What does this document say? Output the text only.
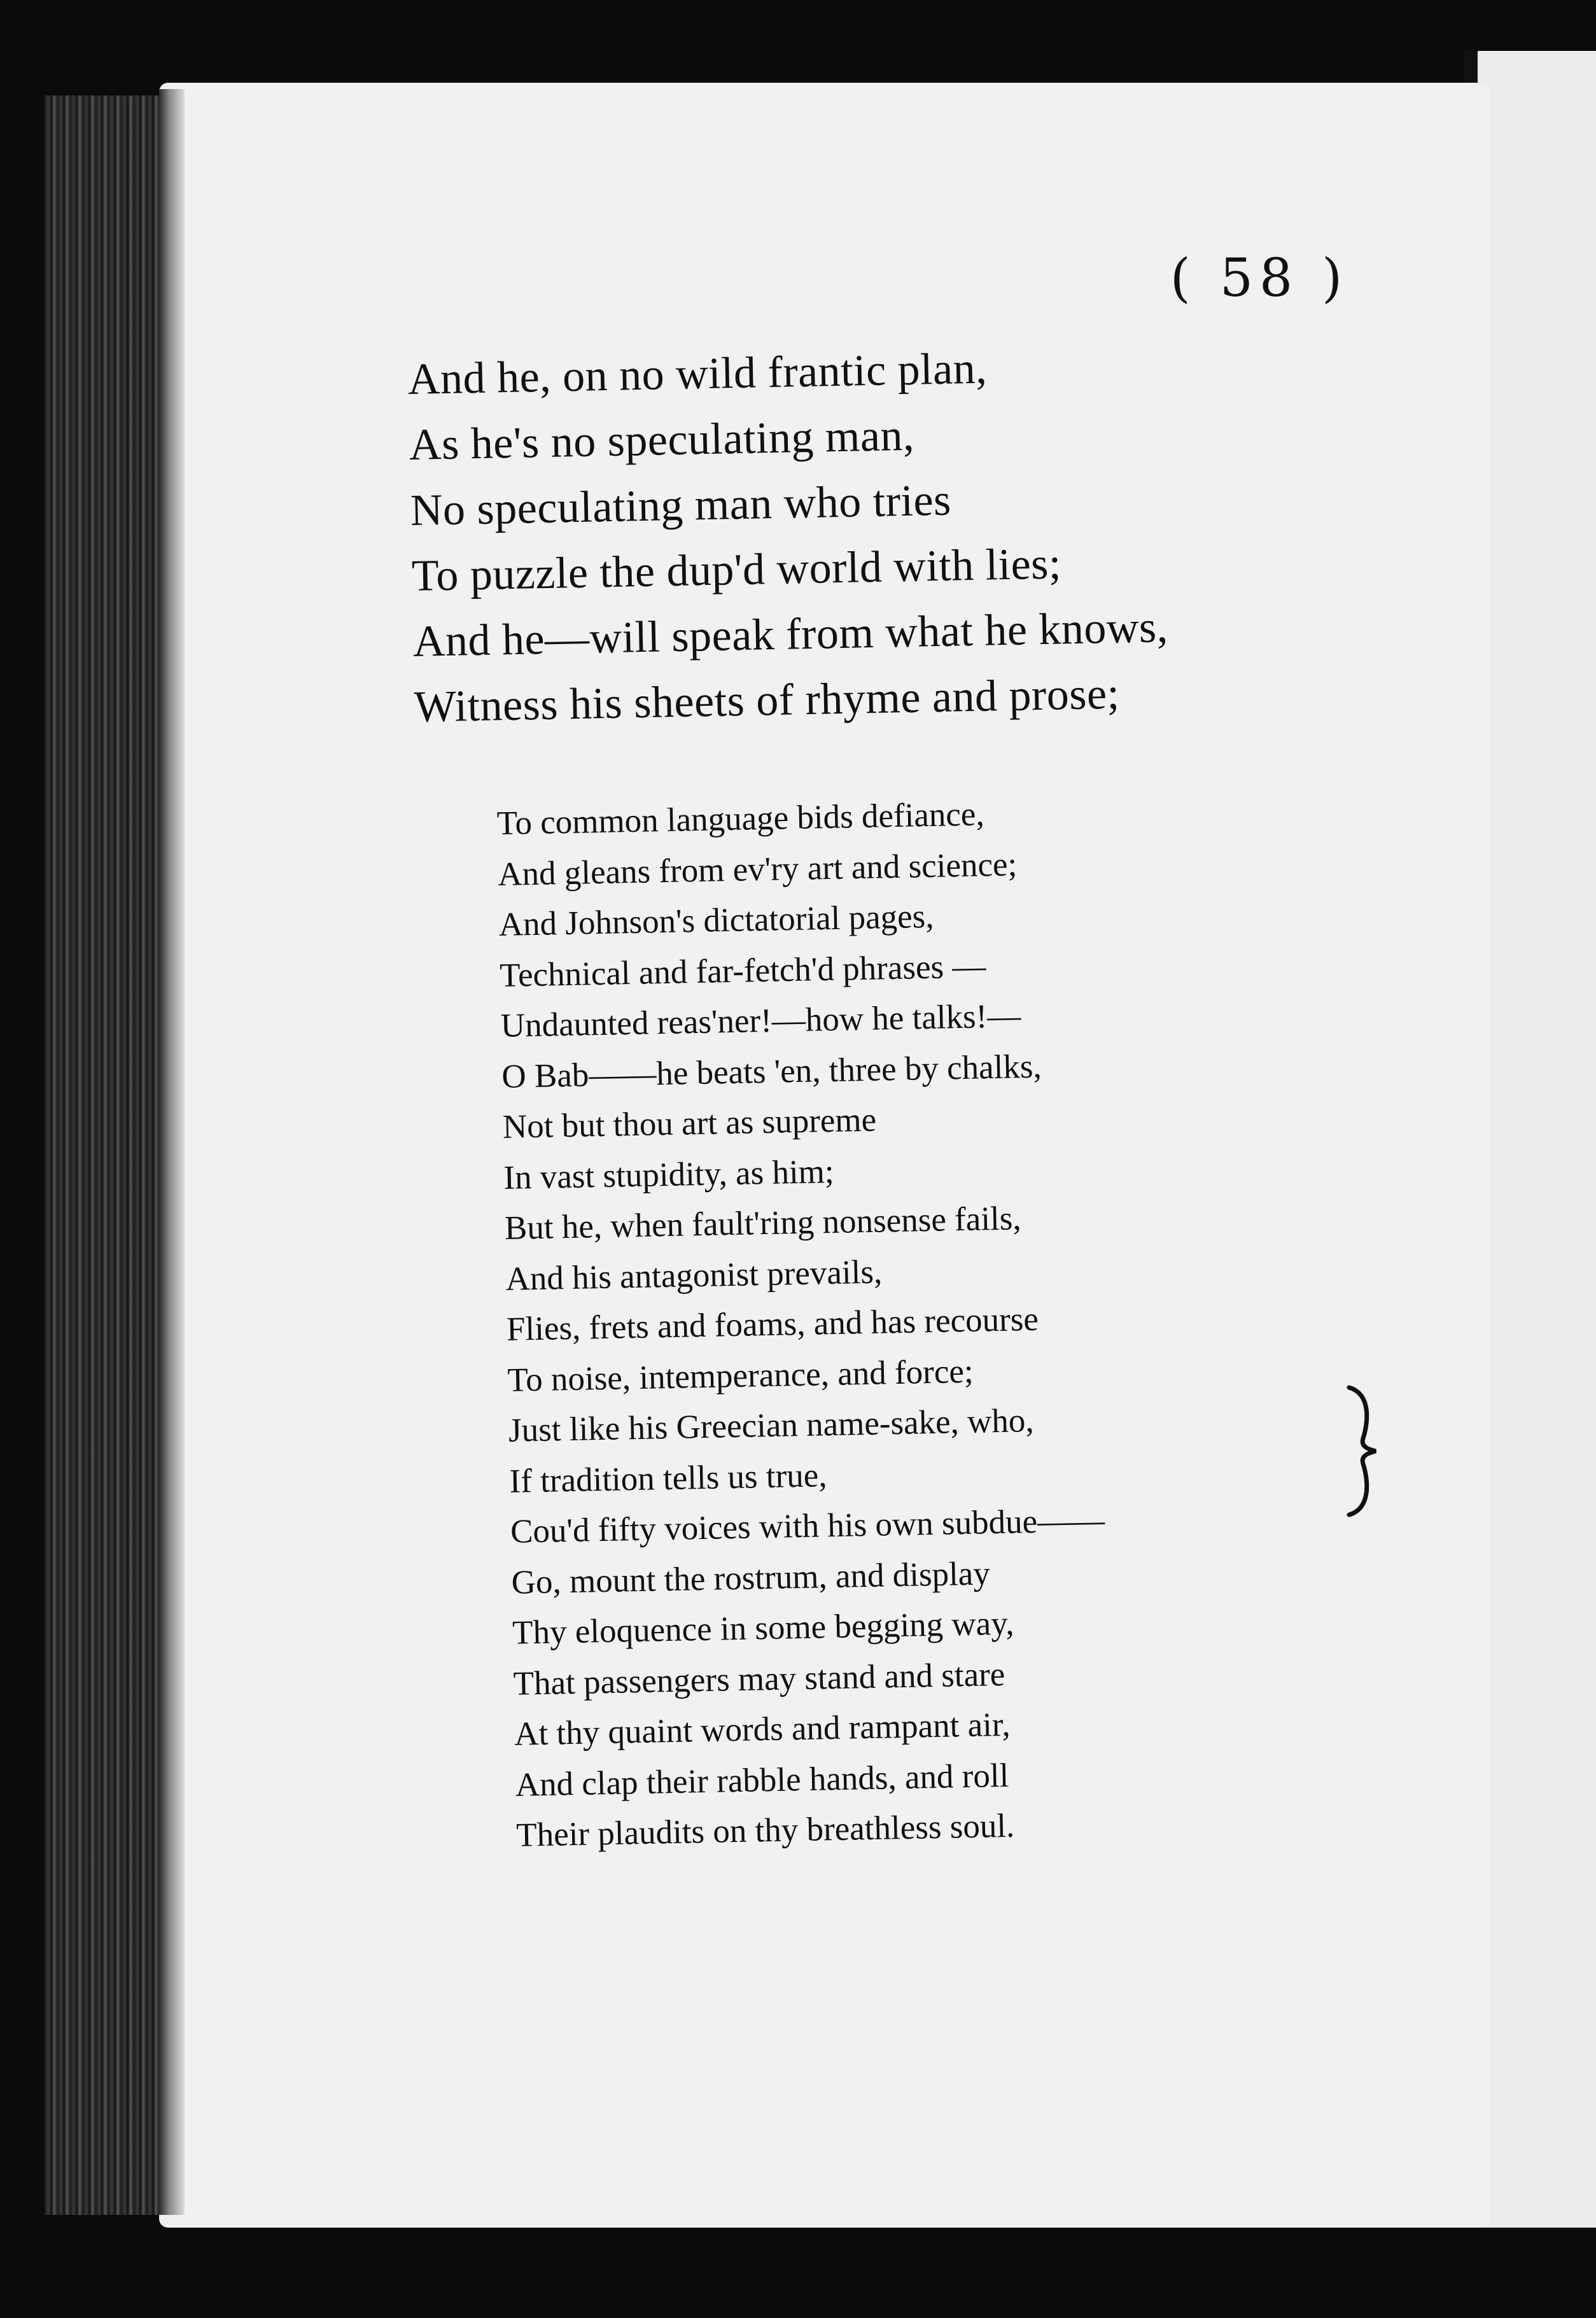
( 58 )
And he, on no wild frantic plan,
As he's no speculating man,
No speculating man who tries
To puzzle the dup'd world with lies;
And he—will speak from what he knows,
Witness his sheets of rhyme and prose;
To common language bids defiance,
And gleans from ev'ry art and science;
And Johnson's dictatorial pages,
Technical and far-fetch'd phrases —
Undaunted reas'ner!—how he talks!—
O Bab——he beats 'en, three by chalks,
Not but thou art as supreme
In vast stupidity, as him;
But he, when fault'ring nonsense fails,
And his antagonist prevails,
Flies, frets and foams, and has recourse
To noise, intemperance, and force;
Just like his Greecian name-sake, who,
If tradition tells us true,
Cou'd fifty voices with his own subdue——
Go, mount the rostrum, and display
Thy eloquence in some begging way,
That passengers may stand and stare
At thy quaint words and rampant air,
And clap their rabble hands, and roll
Their plaudits on thy breathless soul.
